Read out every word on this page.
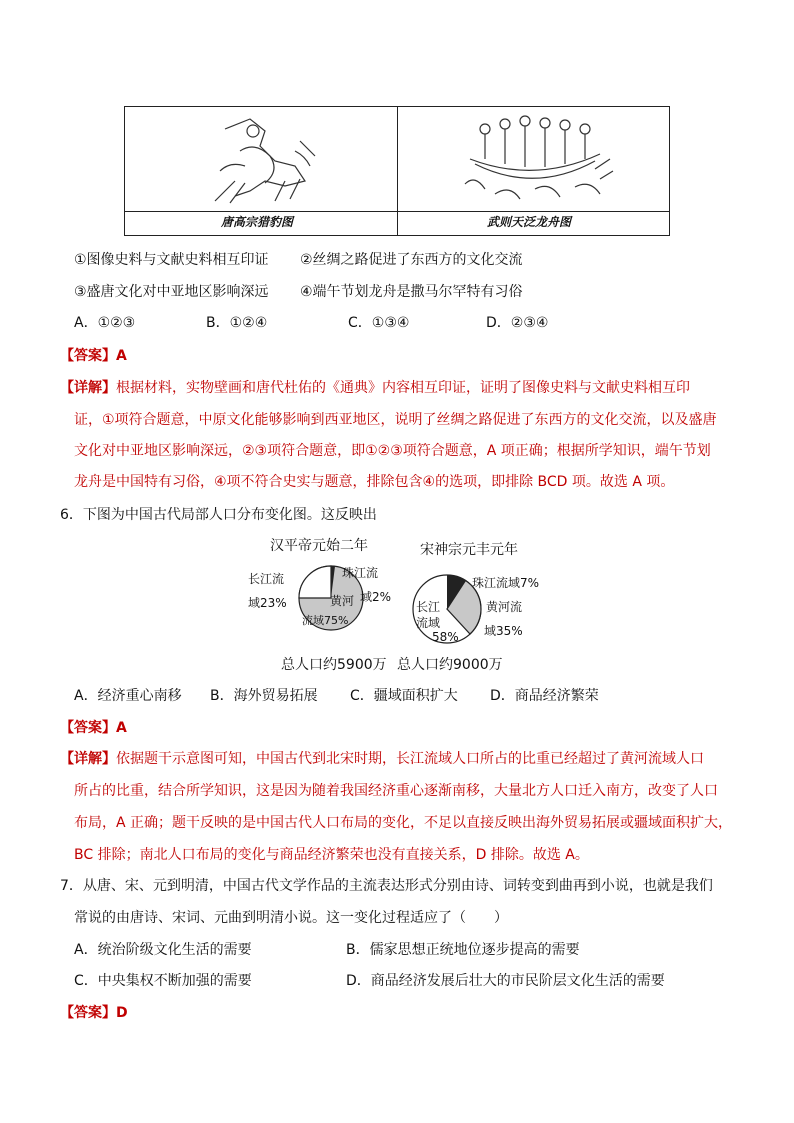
唐高宗猎豹图	武则天泛龙舟图
①图像史料与文献史料相互印证 ②丝绸之路促进了东西方的文化交流
③盛唐文化对中亚地区影响深远 ④端午节划龙舟是撒马尔罕特有习俗
A．①②③	B．①②④	C．①③④	D．②③④
【答案】A
【详解】根据材料，实物壁画和唐代杜佑的《通典》内容相互印证，证明了图像史料与文献史料相互印
证，①项符合题意，中原文化能够影响到西亚地区，说明了丝绸之路促进了东西方的文化交流，以及盛唐
文化对中亚地区影响深远，②③项符合题意，即①②③项符合题意，A 项正确；根据所学知识，端午节划
龙舟是中国特有习俗，④项不符合史实与题意，排除包含④的选项，即排除 BCD 项。故选 A 项。
6．下图为中国古代局部人口分布变化图。这反映出
汉平帝元始二年	宋神宗元丰元年
长江流
域23%
珠江流
域2%
黄河
流域75%
珠江流域7%
黄河流
域35%
长江
流域
58%
总人口约5900万 总人口约9000万
A．经济重心南移 B．海外贸易拓展 C．疆域面积扩大 D．商品经济繁荣
【答案】A
【详解】依据题干示意图可知，中国古代到北宋时期，长江流域人口所占的比重已经超过了黄河流域人口
所占的比重，结合所学知识，这是因为随着我国经济重心逐渐南移，大量北方人口迁入南方，改变了人口
布局，A 正确；题干反映的是中国古代人口布局的变化，不足以直接反映出海外贸易拓展或疆域面积扩大，
BC 排除；南北人口布局的变化与商品经济繁荣也没有直接关系，D 排除。故选 A。
7．从唐、宋、元到明清，中国古代文学作品的主流表达形式分别由诗、词转变到曲再到小说，也就是我们
常说的由唐诗、宋词、元曲到明清小说。这一变化过程适应了（　　）
A．统治阶级文化生活的需要	B．儒家思想正统地位逐步提高的需要
C．中央集权不断加强的需要	D．商品经济发展后壮大的市民阶层文化生活的需要
【答案】D
